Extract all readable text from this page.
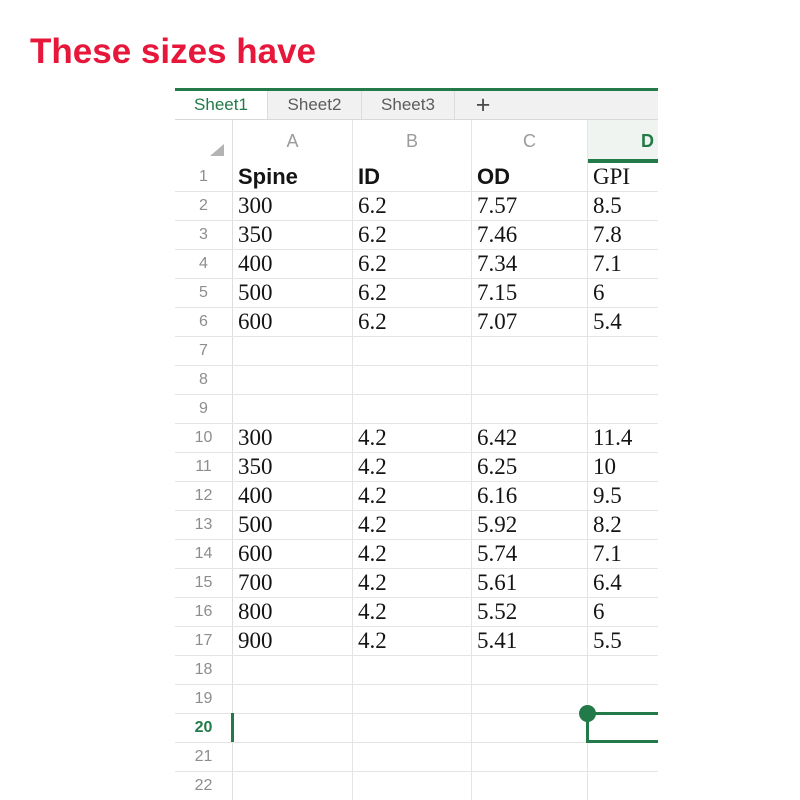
These sizes have
Sheet1	Sheet2	Sheet3	+
A	B	C	D
1	Spine	ID	OD	GPI
2	300	6.2	7.57	8.5
3	350	6.2	7.46	7.8
4	400	6.2	7.34	7.1
5	500	6.2	7.15	6
6	600	6.2	7.07	5.4
7
8
9
10	300	4.2	6.42	11.4
11	350	4.2	6.25	10
12	400	4.2	6.16	9.5
13	500	4.2	5.92	8.2
14	600	4.2	5.74	7.1
15	700	4.2	5.61	6.4
16	800	4.2	5.52	6
17	900	4.2	5.41	5.5
18
19
20
21
22
